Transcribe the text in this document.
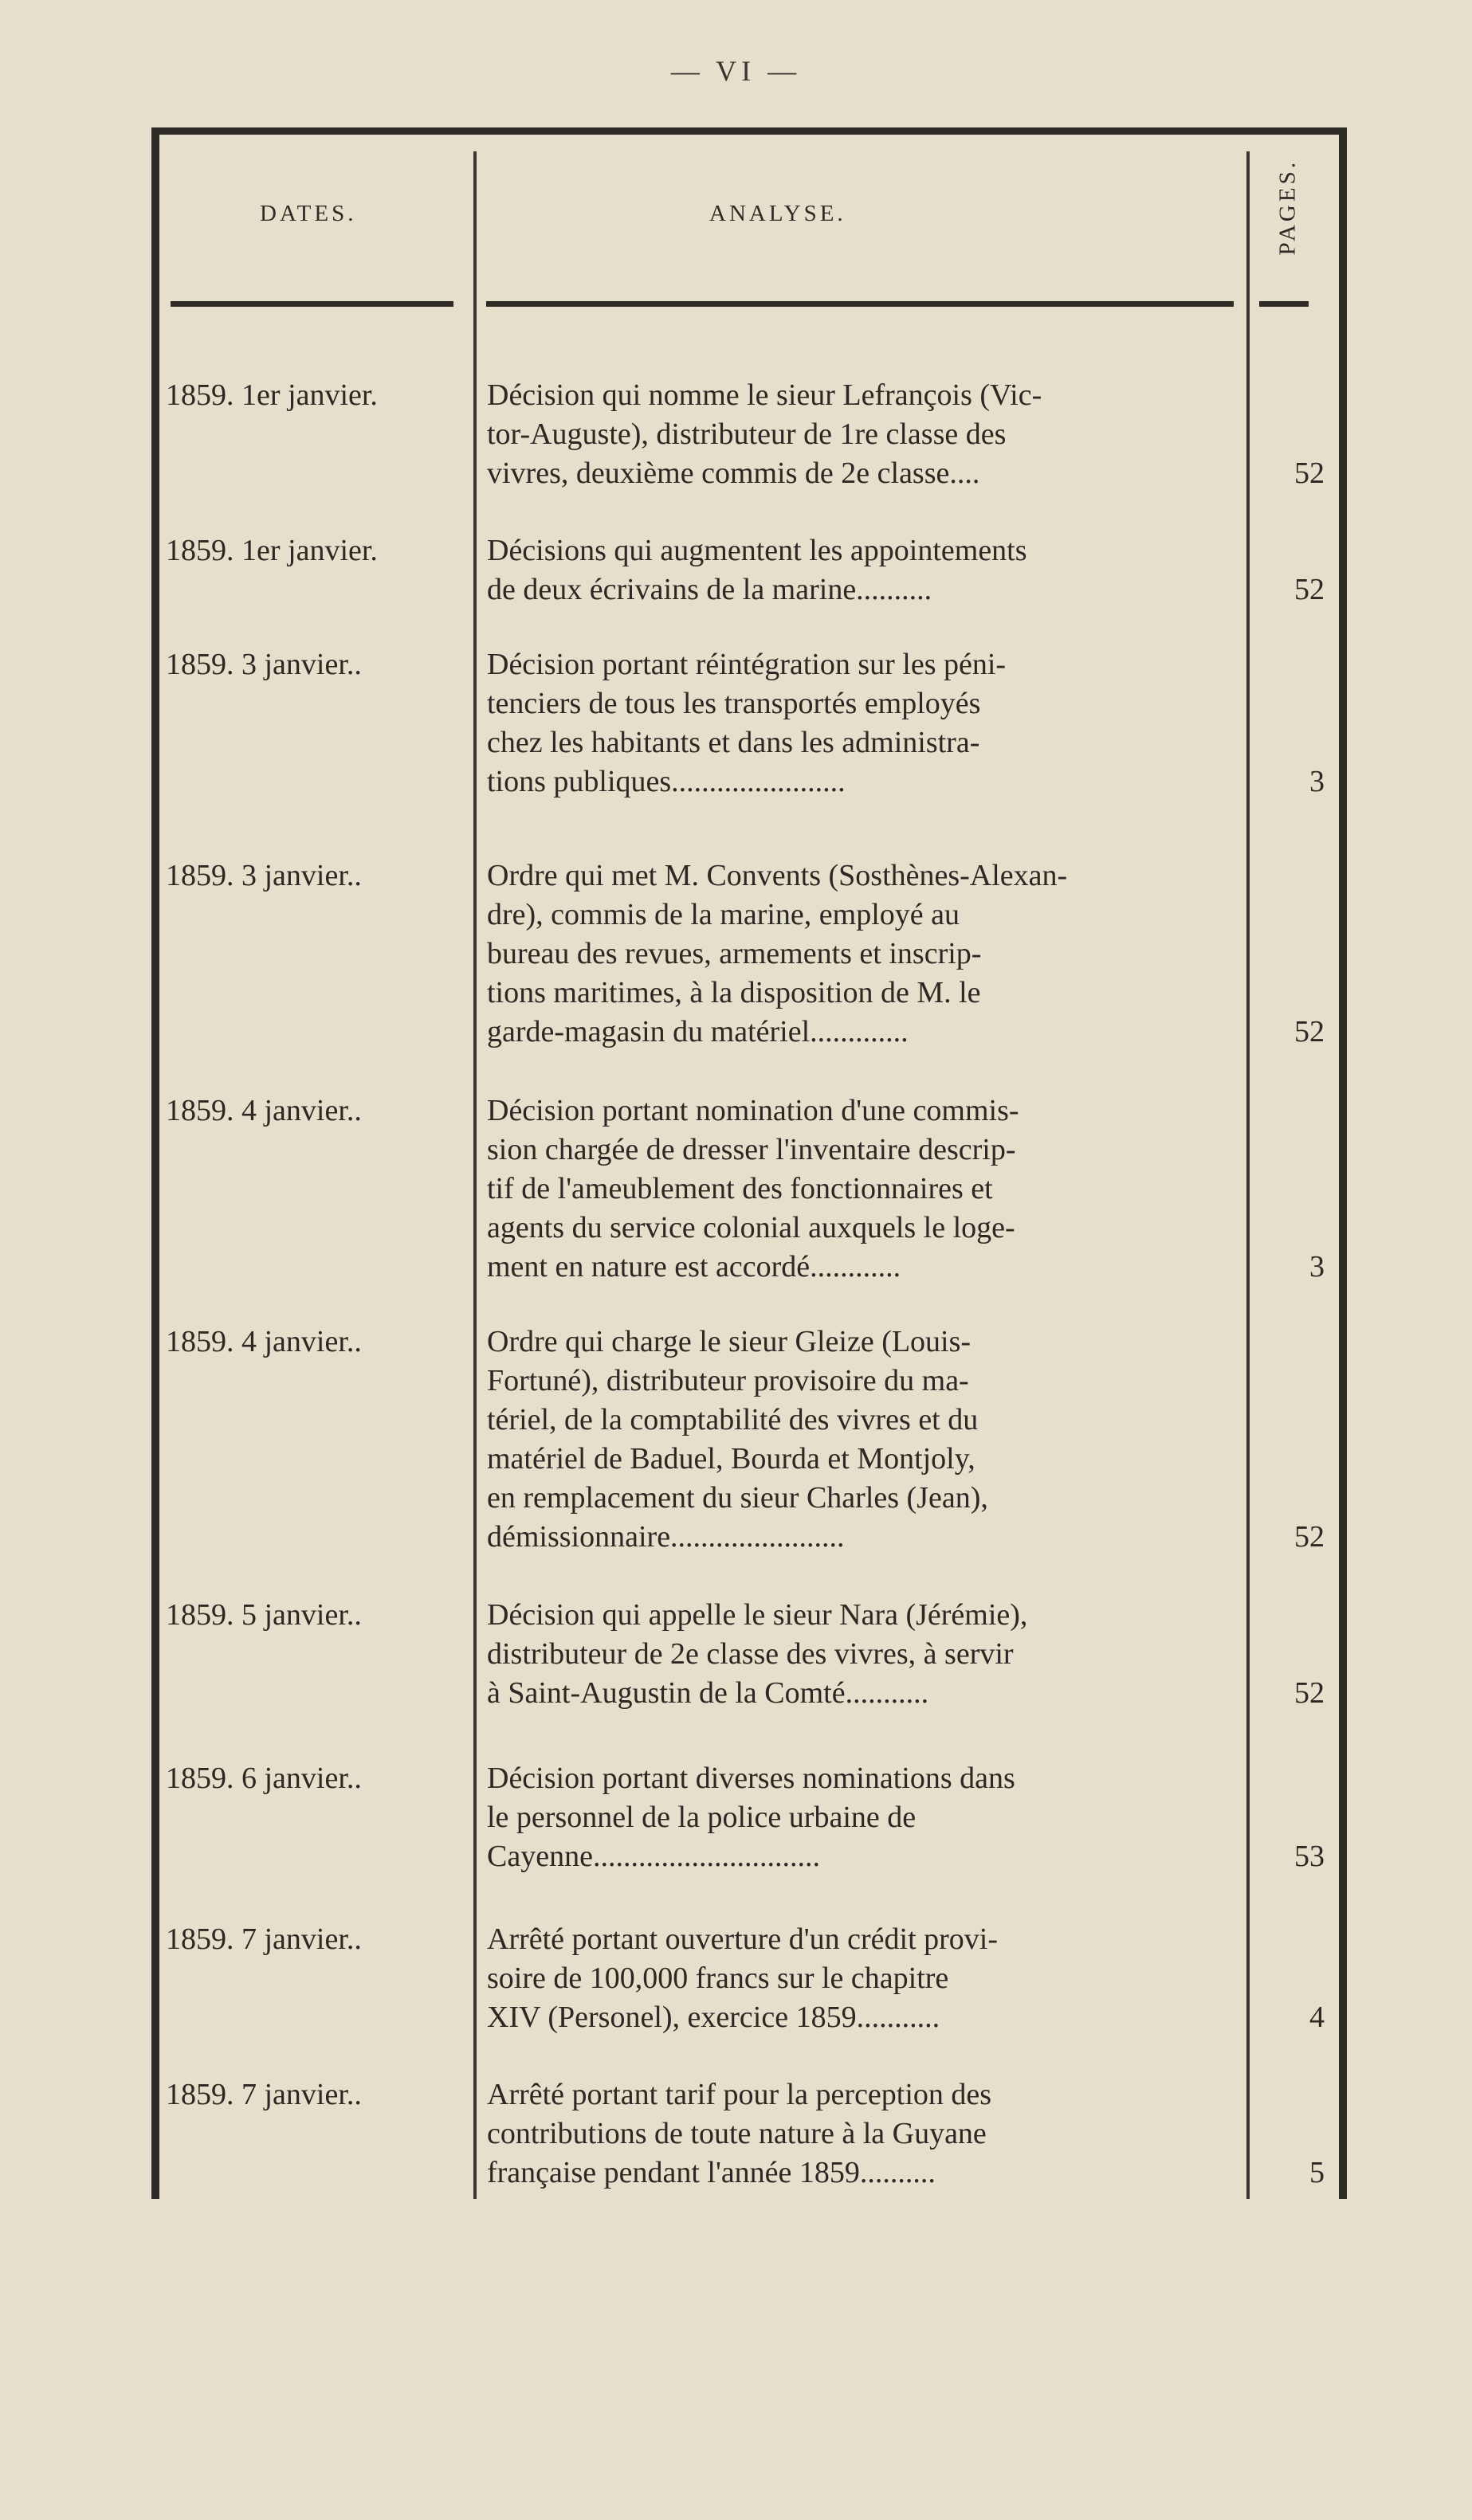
— VI —
DATES.	ANALYSE.	PAGES.
1859. 1er janvier.	Décision qui nomme le sieur Lefrançois (Vic-
tor-Auguste), distributeur de 1re classe des
vivres, deuxième commis de 2e classe....	52
1859. 1er janvier.	Décisions qui augmentent les appointements
de deux écrivains de la marine..........	52
1859. 3 janvier..	Décision portant réintégration sur les péni-
tenciers de tous les transportés employés
chez les habitants et dans les administra-
tions publiques.......................	3
1859. 3 janvier..	Ordre qui met M. Convents (Sosthènes-Alexan-
dre), commis de la marine, employé au
bureau des revues, armements et inscrip-
tions maritimes, à la disposition de M. le
garde-magasin du matériel.............	52
1859. 4 janvier..	Décision portant nomination d'une commis-
sion chargée de dresser l'inventaire descrip-
tif de l'ameublement des fonctionnaires et
agents du service colonial auxquels le loge-
ment en nature est accordé............	3
1859. 4 janvier..	Ordre qui charge le sieur Gleize (Louis-
Fortuné), distributeur provisoire du ma-
tériel, de la comptabilité des vivres et du
matériel de Baduel, Bourda et Montjoly,
en remplacement du sieur Charles (Jean),
démissionnaire.......................	52
1859. 5 janvier..	Décision qui appelle le sieur Nara (Jérémie),
distributeur de 2e classe des vivres, à servir
à Saint-Augustin de la Comté...........	52
1859. 6 janvier..	Décision portant diverses nominations dans
le personnel de la police urbaine de
Cayenne..............................	53
1859. 7 janvier..	Arrêté portant ouverture d'un crédit provi-
soire de 100,000 francs sur le chapitre
XIV (Personel), exercice 1859...........	4
1859. 7 janvier..	Arrêté portant tarif pour la perception des
contributions de toute nature à la Guyane
française pendant l'année 1859..........	5
